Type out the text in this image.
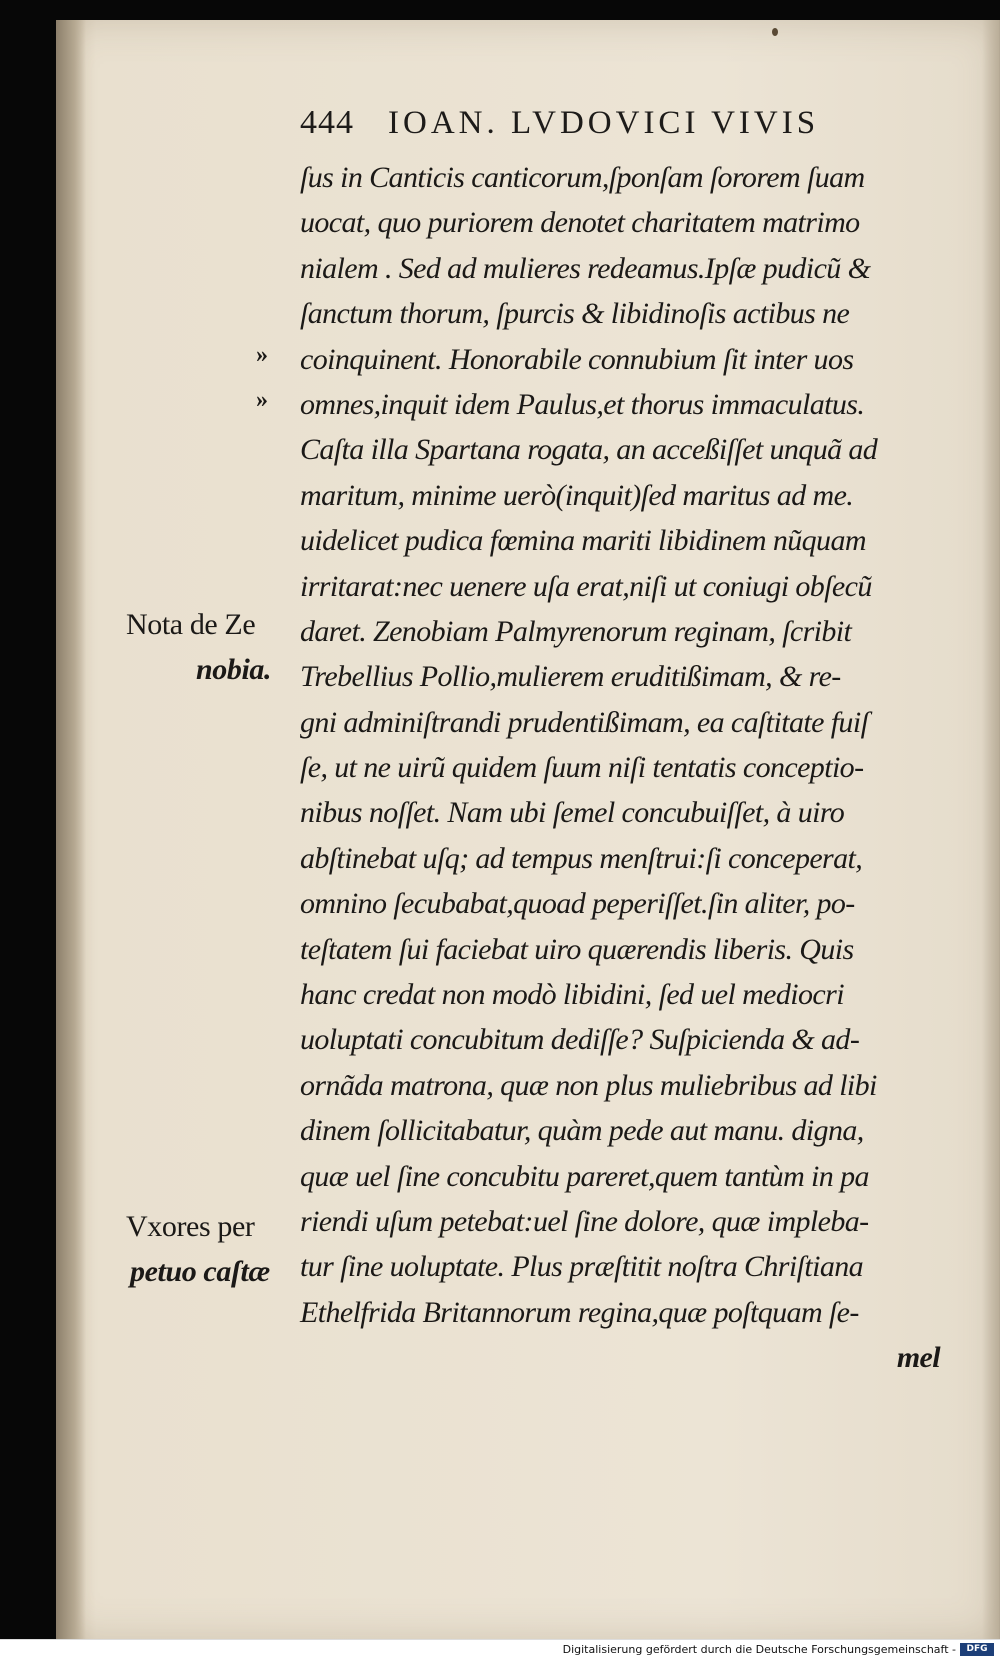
444 IOAN. LVDOVICI VIVIS
ſus in Canticis canticorum,ſponſam ſororem ſuam
uocat, quo puriorem denotet charitatem matrimo
nialem . Sed ad mulieres redeamus.Ipſæ pudicũ &
ſanctum thorum, ſpurcis & libidinoſis actibus ne
coinquinent. Honorabile connubium ſit inter uos
omnes,inquit idem Paulus,et thorus immaculatus.
Caſta illa Spartana rogata, an acceßiſſet unquã ad
maritum, minime uerò(inquit)ſed maritus ad me.
uidelicet pudica fœmina mariti libidinem nũquam
irritarat:nec uenere uſa erat,niſi ut coniugi obſecũ
daret. Zenobiam Palmyrenorum reginam, ſcribit
Trebellius Pollio,mulierem eruditißimam, & re-
gni adminiſtrandi prudentißimam, ea caſtitate fuiſ
ſe, ut ne uirũ quidem ſuum niſi tentatis conceptio-
nibus noſſet. Nam ubi ſemel concubuiſſet, à uiro
abſtinebat uſq; ad tempus menſtrui:ſi conceperat,
omnino ſecubabat,quoad peperiſſet.ſin aliter, po-
teſtatem ſui faciebat uiro quærendis liberis. Quis
hanc credat non modò libidini, ſed uel mediocri
uoluptati concubitum dediſſe? Suſpicienda & ad-
ornãda matrona, quæ non plus muliebribus ad libi
dinem ſollicitabatur, quàm pede aut manu. digna,
quæ uel ſine concubitu pareret,quem tantùm in pa
riendi uſum petebat:uel ſine dolore, quæ impleba-
tur ſine uoluptate. Plus præſtitit noſtra Chriſtiana
Ethelfrida Britannorum regina,quæ poſtquam ſe-
mel
»
»
Nota de Ze
nobia.
Vxores per
petuo caſtæ
Digitalisierung gefördert durch die Deutsche Forschungsgemeinschaft -	DFG
